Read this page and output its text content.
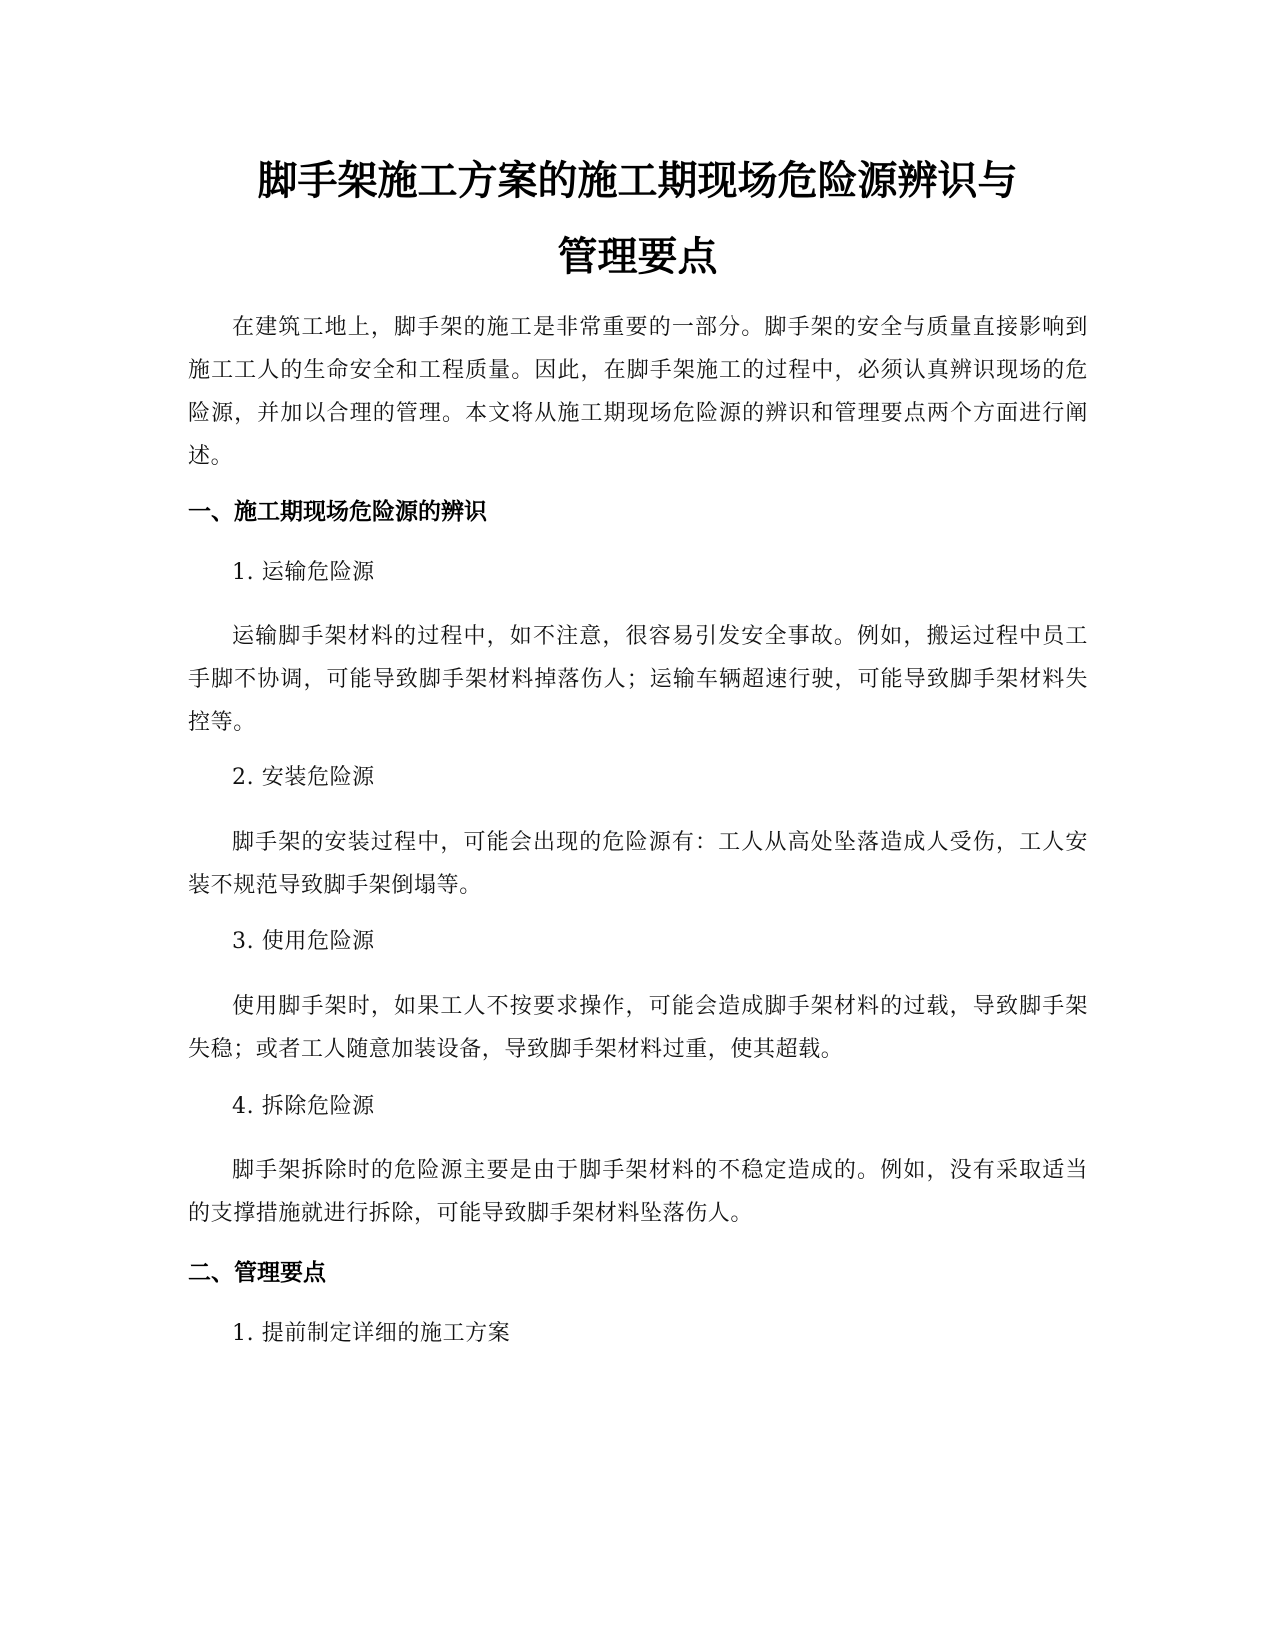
脚手架施工方案的施工期现场危险源辨识与
管理要点

在建筑工地上，脚手架的施工是非常重要的一部分。脚手架的安全与质量直接影响到施工工人的生命安全和工程质量。因此，在脚手架施工的过程中，必须认真辨识现场的危险源，并加以合理的管理。本文将从施工期现场危险源的辨识和管理要点两个方面进行阐述。

一、施工期现场危险源的辨识

1. 运输危险源

运输脚手架材料的过程中，如不注意，很容易引发安全事故。例如，搬运过程中员工手脚不协调，可能导致脚手架材料掉落伤人；运输车辆超速行驶，可能导致脚手架材料失控等。

2. 安装危险源

脚手架的安装过程中，可能会出现的危险源有：工人从高处坠落造成人受伤，工人安装不规范导致脚手架倒塌等。

3. 使用危险源

使用脚手架时，如果工人不按要求操作，可能会造成脚手架材料的过载，导致脚手架失稳；或者工人随意加装设备，导致脚手架材料过重，使其超载。

4. 拆除危险源

脚手架拆除时的危险源主要是由于脚手架材料的不稳定造成的。例如，没有采取适当的支撑措施就进行拆除，可能导致脚手架材料坠落伤人。

二、管理要点

1. 提前制定详细的施工方案
